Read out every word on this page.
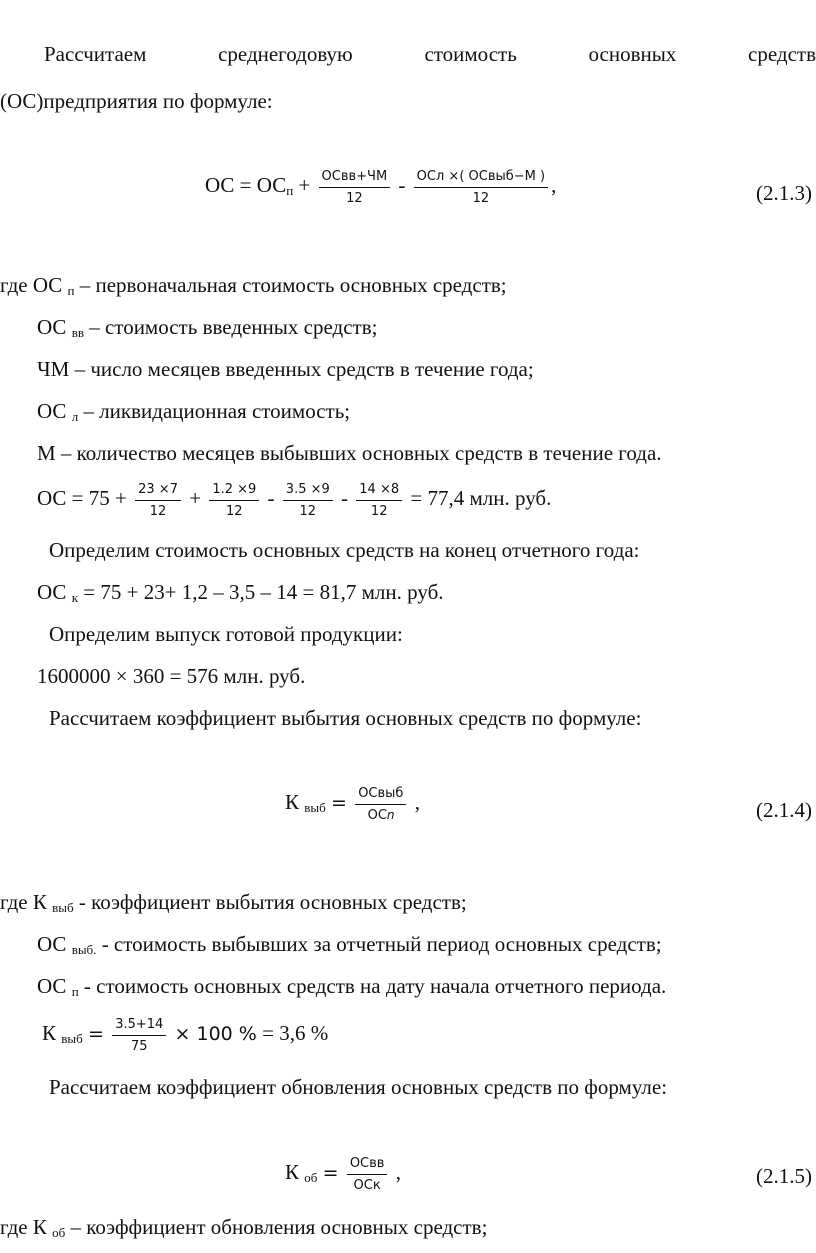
Рассчитаем	среднегодовую	стоимость	основных	средств
(ОС)предприятия по формуле:
ОС = $ОС_п + \frac{\text{ОСвв+ЧМ}}{12} - \frac{\text{ОСл ×( ОСвыб−М )}}{12}$ ,	(2.1.3)
где ОС $_п$ – первоначальная стоимость основных средств;
ОС $_{вв}$ – стоимость введенных средств;
ЧМ – число месяцев введенных средств в течение года;
ОС $_л$ – ликвидационная стоимость;
М – количество месяцев выбывших основных средств в течение года.
ОС = $75 + \frac{23 \times 7}{12} + \frac{1.2 \times 9}{12} - \frac{3.5 \times 9}{12} - \frac{14 \times 8}{12} = 77,4$ млн. руб.
Определим стоимость основных средств на конец отчетного года:
ОС $_к$ = 75 + 23+ 1,2 – 3,5 – 14 = 81,7 млн. руб.
Определим выпуск готовой продукции:
1600000 × 360 = 576 млн. руб.
Рассчитаем коэффициент выбытия основных средств по формуле:
К $_{выб} = \frac{\text{ОСвыб}}{\text{ОС𝑛}}$ ,	(2.1.4)
где К $_{выб}$ - коэффициент выбытия основных средств;
ОС $_{выб.}$ - стоимость выбывших за отчетный период основных средств;
ОС $_п$ - стоимость основных средств на дату начала отчетного периода.
К $_{выб} = \frac{3.5+14}{75} \times 100$ % = 3,6 %
Рассчитаем коэффициент обновления основных средств по формуле:
К $_{об} = \frac{\text{ОСвв}}{\text{ОСк}}$ ,	(2.1.5)
где К $_{об}$ – коэффициент обновления основных средств;
